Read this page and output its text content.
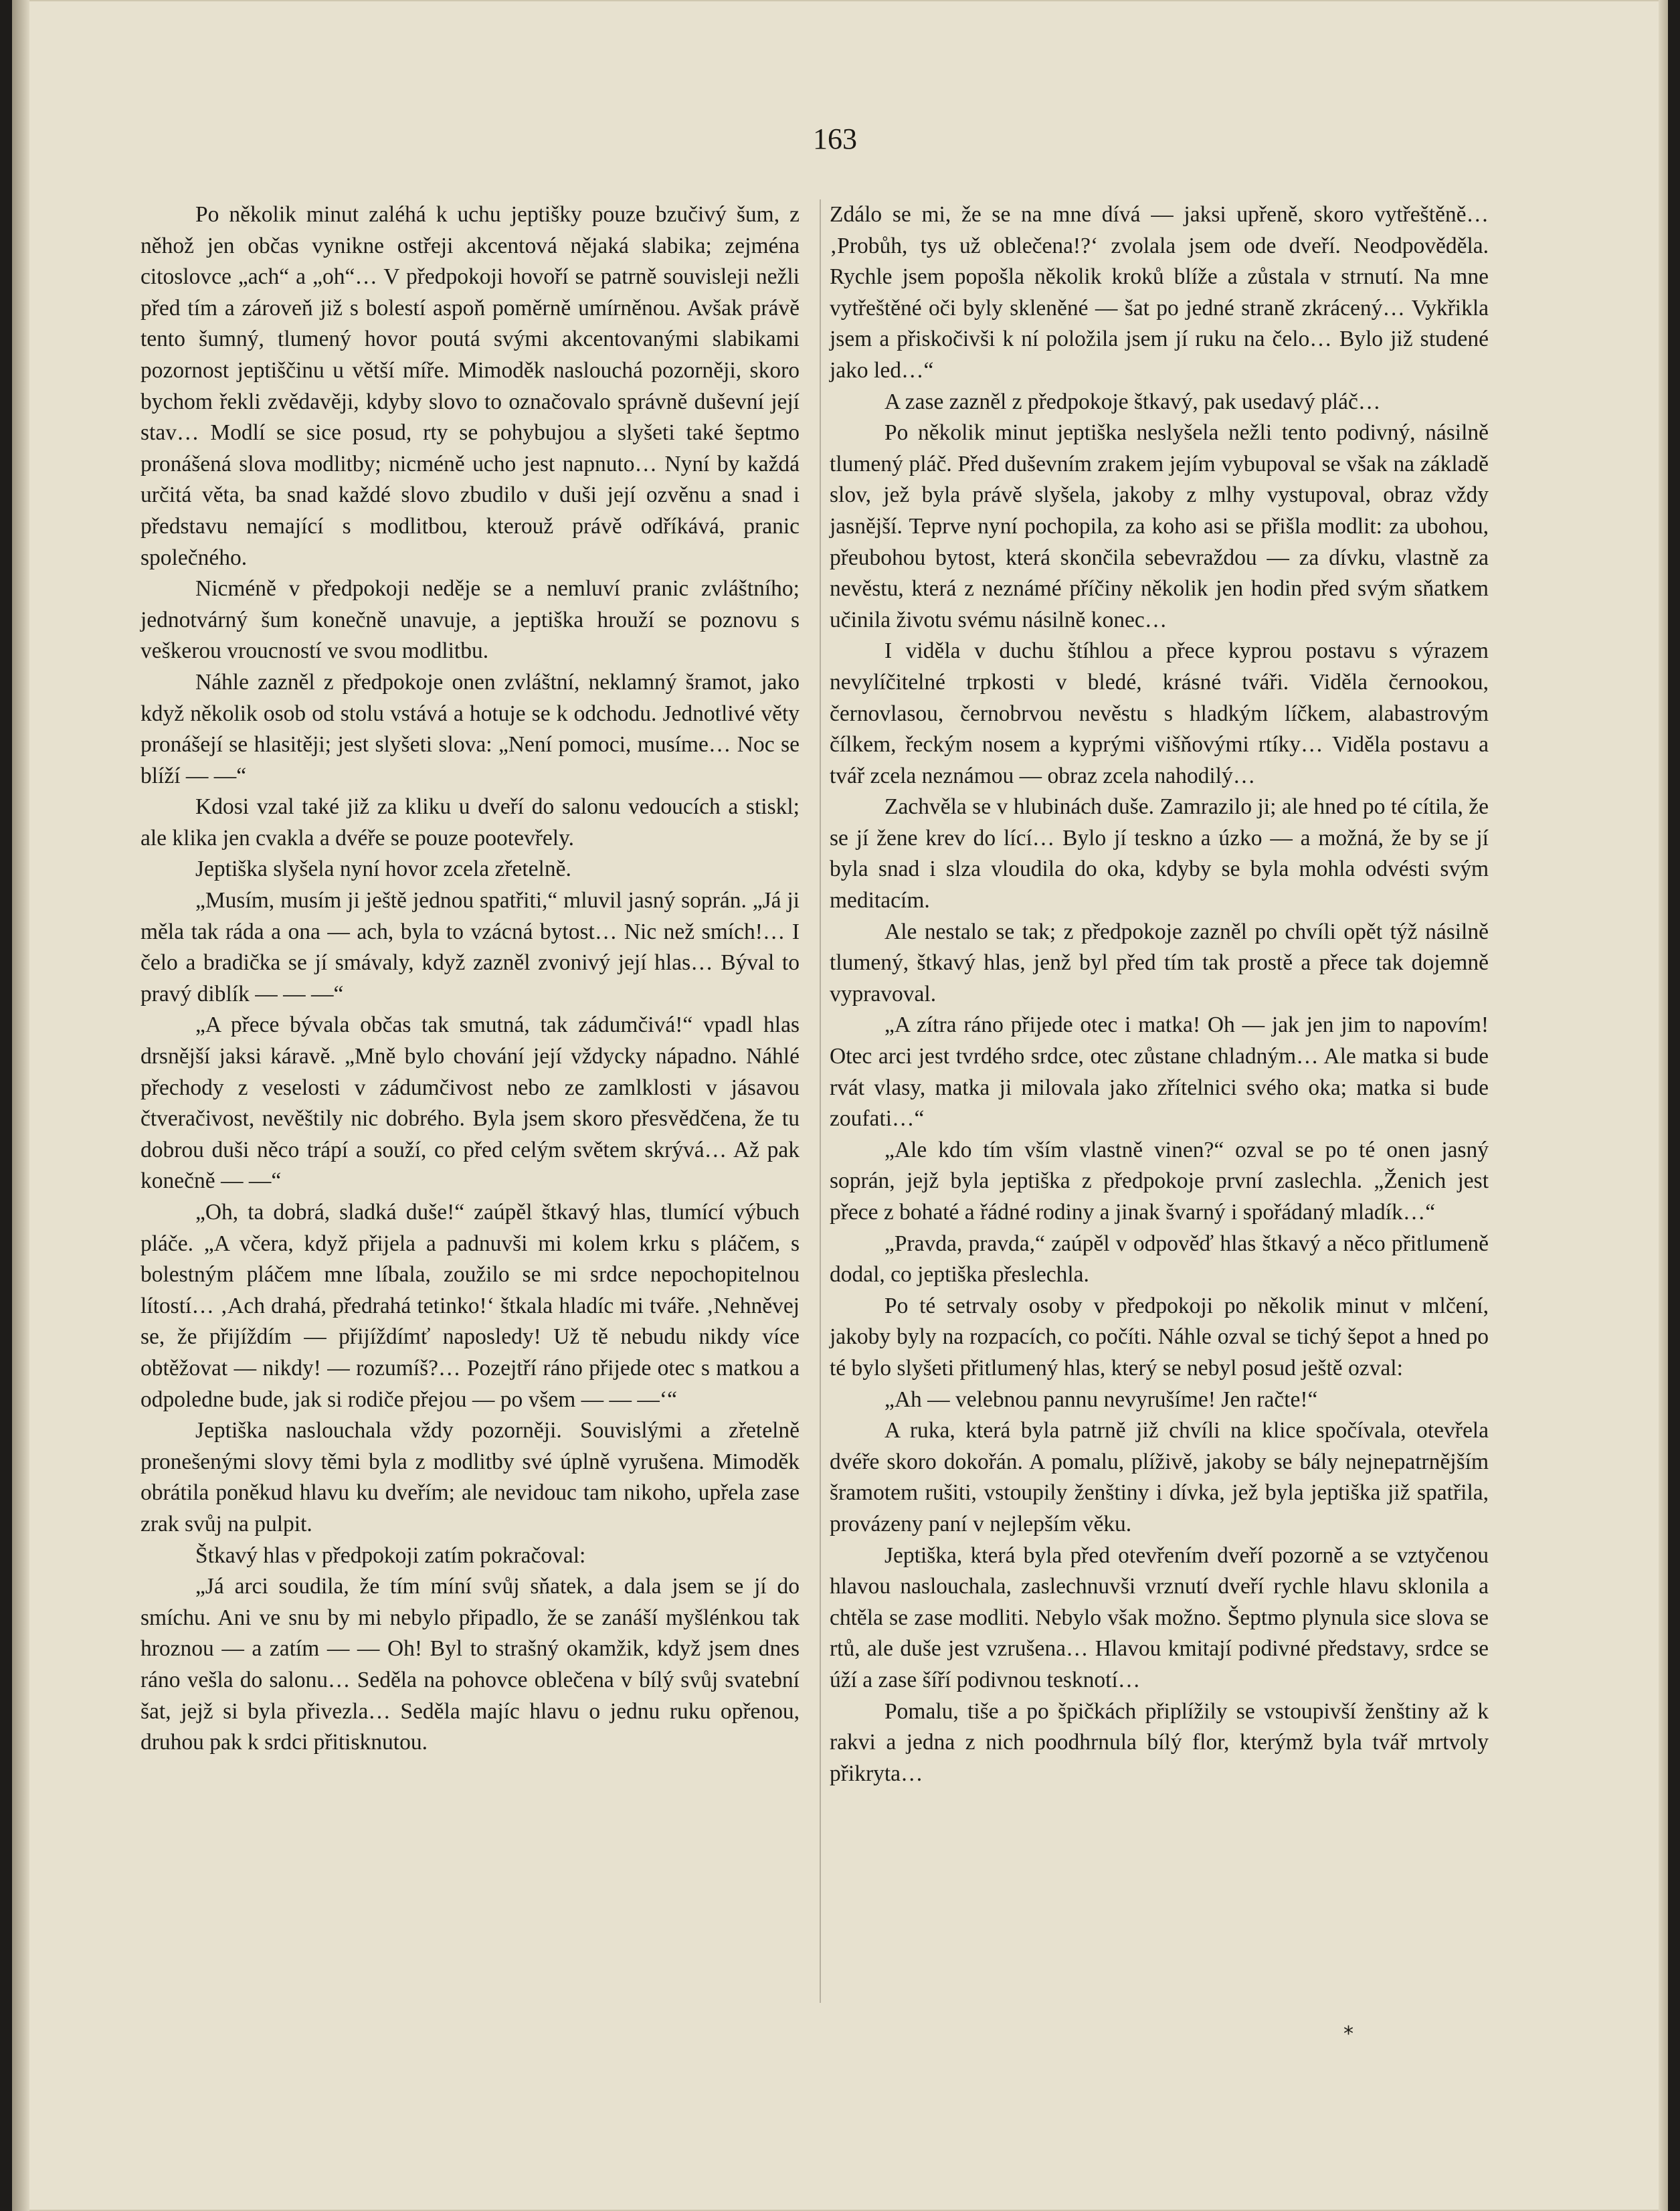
163

Po několik minut zaléhá k uchu jeptišky pouze bzučivý šum, z něhož jen občas vynikne ostřeji akcentová nějaká slabika; zejména citoslovce „ach“ a „oh“… V předpokoji hovoří se patrně souvisleji nežli před tím a zároveň již s bolestí aspoň poměrně umírněnou. Avšak právě tento šumný, tlumený hovor poutá svými akcentovanými slabikami pozornost jeptiščinu u větší míře. Mimoděk naslouchá pozorněji, skoro bychom řekli zvědavěji, kdyby slovo to označovalo správně duševní její stav… Modlí se sice posud, rty se pohybujou a slyšeti také šeptmo pronášená slova modlitby; nicméně ucho jest napnuto… Nyní by každá určitá věta, ba snad každé slovo zbudilo v duši její ozvěnu a snad i představu nemající s modlitbou, kterouž právě odříkává, pranic společného.

Nicméně v předpokoji neděje se a nemluví pranic zvláštního; jednotvárný šum konečně unavuje, a jeptiška hrouží se poznovu s veškerou vroucností ve svou modlitbu.

Náhle zazněl z předpokoje onen zvláštní, neklamný šramot, jako když několik osob od stolu vstává a hotuje se k odchodu. Jednotlivé věty pronášejí se hlasitěji; jest slyšeti slova: „Není pomoci, musíme… Noc se blíží — —“

Kdosi vzal také již za kliku u dveří do salonu vedoucích a stiskl; ale klika jen cvakla a dvéře se pouze pootevřely.

Jeptiška slyšela nyní hovor zcela zřetelně.

„Musím, musím ji ještě jednou spatřiti,“ mluvil jasný soprán. „Já ji měla tak ráda a ona — ach, byla to vzácná bytost… Nic než smích!… I čelo a bradička se jí smávaly, když zazněl zvonivý její hlas… Býval to pravý diblík — — —“

„A přece bývala občas tak smutná, tak zádumčivá!“ vpadl hlas drsnější jaksi káravě. „Mně bylo chování její vždycky nápadno. Náhlé přechody z veselosti v zádumčivost nebo ze zamlklosti v jásavou čtveračivost, nevěštily nic dobrého. Byla jsem skoro přesvědčena, že tu dobrou duši něco trápí a souží, co před celým světem skrývá… Až pak konečně — —“

„Oh, ta dobrá, sladká duše!“ zaúpěl štkavý hlas, tlumící výbuch pláče. „A včera, když přijela a padnuvši mi kolem krku s pláčem, s bolestným pláčem mne líbala, zoužilo se mi srdce nepochopitelnou lítostí… ‚Ach drahá, předrahá tetinko!‘ štkala hladíc mi tváře. ‚Nehněvej se, že přijíždím — přijíždímť naposledy! Už tě nebudu nikdy více obtěžovat — nikdy! — rozumíš?… Pozejtří ráno přijede otec s matkou a odpoledne bude, jak si rodiče přejou — po všem — — —‘“

Jeptiška naslouchala vždy pozorněji. Souvislými a zřetelně pronešenými slovy těmi byla z modlitby své úplně vyrušena. Mimoděk obrátila poněkud hlavu ku dveřím; ale nevidouc tam nikoho, upřela zase zrak svůj na pulpit.

Štkavý hlas v předpokoji zatím pokračoval:

„Já arci soudila, že tím míní svůj sňatek, a dala jsem se jí do smíchu. Ani ve snu by mi nebylo připadlo, že se zanáší myšlénkou tak hroznou — a zatím — — Oh! Byl to strašný okamžik, když jsem dnes ráno vešla do salonu… Seděla na pohovce oblečena v bílý svůj svatební šat, jejž si byla přivezla… Seděla majíc hlavu o jednu ruku opřenou, druhou pak k srdci přitisknutou.

Zdálo se mi, že se na mne dívá — jaksi upřeně, skoro vytřeštěně… ‚Probůh, tys už oblečena!?‘ zvolala jsem ode dveří. Neodpověděla. Rychle jsem popošla několik kroků blíže a zůstala v strnutí. Na mne vytřeštěné oči byly skleněné — šat po jedné straně zkrácený… Vykřikla jsem a přiskočivši k ní položila jsem jí ruku na čelo… Bylo již studené jako led…“

A zase zazněl z předpokoje štkavý, pak usedavý pláč…

Po několik minut jeptiška neslyšela nežli tento podivný, násilně tlumený pláč. Před duševním zrakem jejím vybupoval se však na základě slov, jež byla právě slyšela, jakoby z mlhy vystupoval, obraz vždy jasnější. Teprve nyní pochopila, za koho asi se přišla modlit: za ubohou, přeubohou bytost, která skončila sebevraždou — za dívku, vlastně za nevěstu, která z neznámé příčiny několik jen hodin před svým sňatkem učinila životu svému násilně konec…

I viděla v duchu štíhlou a přece kyprou postavu s výrazem nevylíčitelné trpkosti v bledé, krásné tváři. Viděla černookou, černovlasou, černobrvou nevěstu s hladkým líčkem, alabastrovým čílkem, řeckým nosem a kyprými višňovými rtíky… Viděla postavu a tvář zcela neznámou — obraz zcela nahodilý…

Zachvěla se v hlubinách duše. Zamrazilo ji; ale hned po té cítila, že se jí žene krev do lící… Bylo jí teskno a úzko — a možná, že by se jí byla snad i slza vloudila do oka, kdyby se byla mohla odvésti svým meditacím.

Ale nestalo se tak; z předpokoje zazněl po chvíli opět týž násilně tlumený, štkavý hlas, jenž byl před tím tak prostě a přece tak dojemně vypravoval.

„A zítra ráno přijede otec i matka! Oh — jak jen jim to napovím! Otec arci jest tvrdého srdce, otec zůstane chladným… Ale matka si bude rvát vlasy, matka ji milovala jako zřítelnici svého oka; matka si bude zoufati…“

„Ale kdo tím vším vlastně vinen?“ ozval se po té onen jasný soprán, jejž byla jeptiška z předpokoje první zaslechla. „Ženich jest přece z bohaté a řádné rodiny a jinak švarný i spořádaný mladík…“

„Pravda, pravda,“ zaúpěl v odpověď hlas štkavý a něco přitlumeně dodal, co jeptiška přeslechla.

Po té setrvaly osoby v předpokoji po několik minut v mlčení, jakoby byly na rozpacích, co počíti. Náhle ozval se tichý šepot a hned po té bylo slyšeti přitlumený hlas, který se nebyl posud ještě ozval:

„Ah — velebnou pannu nevyrušíme! Jen račte!“

A ruka, která byla patrně již chvíli na klice spočívala, otevřela dvéře skoro dokořán. A pomalu, plíživě, jakoby se bály nejnepatrnějším šramotem rušiti, vstoupily ženštiny i dívka, jež byla jeptiška již spatřila, provázeny paní v nejlepším věku.

Jeptiška, která byla před otevřením dveří pozorně a se vztyčenou hlavou naslouchala, zaslechnuvši vrznutí dveří rychle hlavu sklonila a chtěla se zase modliti. Nebylo však možno. Šeptmo plynula sice slova se rtů, ale duše jest vzrušena… Hlavou kmitají podivné představy, srdce se úží a zase šíří podivnou tesknotí…

Pomalu, tiše a po špičkách připlížily se vstoupivší ženštiny až k rakvi a jedna z nich poodhrnula bílý flor, kterýmž byla tvář mrtvoly přikryta…

*
